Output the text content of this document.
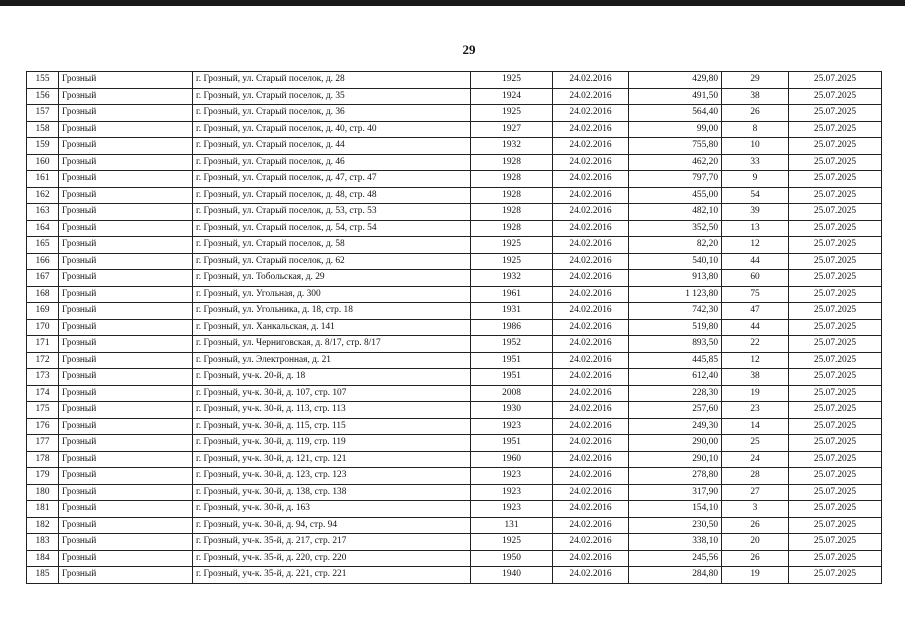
29
155	Грозный	г. Грозный, ул. Старый поселок, д. 28	1925	24.02.2016	429,80	29	25.07.2025
156	Грозный	г. Грозный, ул. Старый поселок, д. 35	1924	24.02.2016	491,50	38	25.07.2025
157	Грозный	г. Грозный, ул. Старый поселок, д. 36	1925	24.02.2016	564,40	26	25.07.2025
158	Грозный	г. Грозный, ул. Старый поселок, д. 40, стр. 40	1927	24.02.2016	99,00	8	25.07.2025
159	Грозный	г. Грозный, ул. Старый поселок, д. 44	1932	24.02.2016	755,80	10	25.07.2025
160	Грозный	г. Грозный, ул. Старый поселок, д. 46	1928	24.02.2016	462,20	33	25.07.2025
161	Грозный	г. Грозный, ул. Старый поселок, д. 47, стр. 47	1928	24.02.2016	797,70	9	25.07.2025
162	Грозный	г. Грозный, ул. Старый поселок, д. 48, стр. 48	1928	24.02.2016	455,00	54	25.07.2025
163	Грозный	г. Грозный, ул. Старый поселок, д. 53, стр. 53	1928	24.02.2016	482,10	39	25.07.2025
164	Грозный	г. Грозный, ул. Старый поселок, д. 54, стр. 54	1928	24.02.2016	352,50	13	25.07.2025
165	Грозный	г. Грозный, ул. Старый поселок, д. 58	1925	24.02.2016	82,20	12	25.07.2025
166	Грозный	г. Грозный, ул. Старый поселок, д. 62	1925	24.02.2016	540,10	44	25.07.2025
167	Грозный	г. Грозный, ул. Тобольская, д. 29	1932	24.02.2016	913,80	60	25.07.2025
168	Грозный	г. Грозный, ул. Угольная, д. 300	1961	24.02.2016	1 123,80	75	25.07.2025
169	Грозный	г. Грозный, ул. Угольника, д. 18, стр. 18	1931	24.02.2016	742,30	47	25.07.2025
170	Грозный	г. Грозный, ул. Ханкальская, д. 141	1986	24.02.2016	519,80	44	25.07.2025
171	Грозный	г. Грозный, ул. Черниговская, д. 8/17, стр. 8/17	1952	24.02.2016	893,50	22	25.07.2025
172	Грозный	г. Грозный, ул. Электронная, д. 21	1951	24.02.2016	445,85	12	25.07.2025
173	Грозный	г. Грозный, уч-к. 20-й, д. 18	1951	24.02.2016	612,40	38	25.07.2025
174	Грозный	г. Грозный, уч-к. 30-й, д. 107, стр. 107	2008	24.02.2016	228,30	19	25.07.2025
175	Грозный	г. Грозный, уч-к. 30-й, д. 113, стр. 113	1930	24.02.2016	257,60	23	25.07.2025
176	Грозный	г. Грозный, уч-к. 30-й, д. 115, стр. 115	1923	24.02.2016	249,30	14	25.07.2025
177	Грозный	г. Грозный, уч-к. 30-й, д. 119, стр. 119	1951	24.02.2016	290,00	25	25.07.2025
178	Грозный	г. Грозный, уч-к. 30-й, д. 121, стр. 121	1960	24.02.2016	290,10	24	25.07.2025
179	Грозный	г. Грозный, уч-к. 30-й, д. 123, стр. 123	1923	24.02.2016	278,80	28	25.07.2025
180	Грозный	г. Грозный, уч-к. 30-й, д. 138, стр. 138	1923	24.02.2016	317,90	27	25.07.2025
181	Грозный	г. Грозный, уч-к. 30-й, д. 163	1923	24.02.2016	154,10	3	25.07.2025
182	Грозный	г. Грозный, уч-к. 30-й, д. 94, стр. 94	131	24.02.2016	230,50	26	25.07.2025
183	Грозный	г. Грозный, уч-к. 35-й, д. 217, стр. 217	1925	24.02.2016	338,10	20	25.07.2025
184	Грозный	г. Грозный, уч-к. 35-й, д. 220, стр. 220	1950	24.02.2016	245,56	26	25.07.2025
185	Грозный	г. Грозный, уч-к. 35-й, д. 221, стр. 221	1940	24.02.2016	284,80	19	25.07.2025
